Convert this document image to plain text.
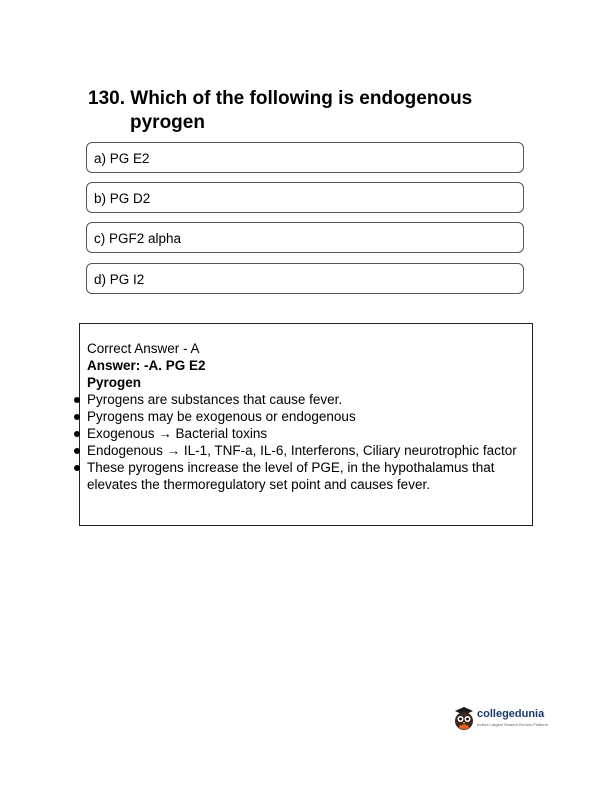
130. Which of the following is endogenous
pyrogen
a) PG E2
b) PG D2
c) PGF2 alpha
d) PG I2
Correct Answer - A
Answer: -A. PG E2
Pyrogen
Pyrogens are substances that cause fever.
Pyrogens may be exogenous or endogenous
Exogenous → Bacterial toxins
Endogenous → IL-1, TNF-a, IL-6, Interferons, Ciliary neurotrophic factor
These pyrogens increase the level of PGE, in the hypothalamus that elevates the thermoregulatory set point and causes fever.
collegedunia
India's Largest Student Review Platform
